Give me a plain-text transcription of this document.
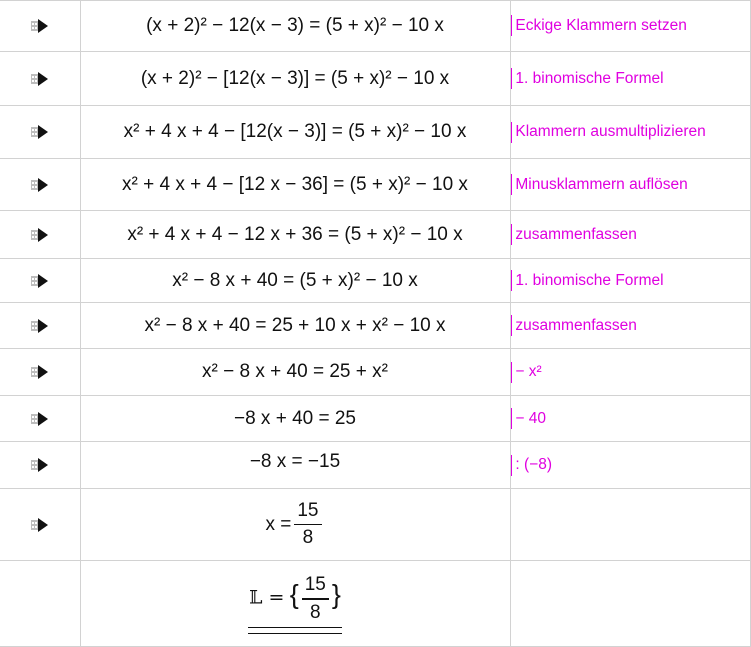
(x + 2)² − 12(x − 3) = (5 + x)² − 10 x	Eckige Klammern setzen
(x + 2)² − [12(x − 3)] = (5 + x)² − 10 x	1. binomische Formel
x² + 4 x + 4 − [12(x − 3)] = (5 + x)² − 10 x	Klammern ausmultiplizieren
x² + 4 x + 4 − [12 x − 36] = (5 + x)² − 10 x	Minusklammern auflösen
x² + 4 x + 4 − 12 x + 36 = (5 + x)² − 10 x	zusammenfassen
x² − 8 x + 40 = (5 + x)² − 10 x	1. binomische Formel
x² − 8 x + 40 = 25 + 10 x + x² − 10 x	zusammenfassen
x² − 8 x + 40 = 25 + x²	− x²
−8 x + 40 = 25	− 40
−8 x = −15	: (−8)
$x = \frac{15}{8}$
𝕃 = { $\frac{15}{8}$ }
